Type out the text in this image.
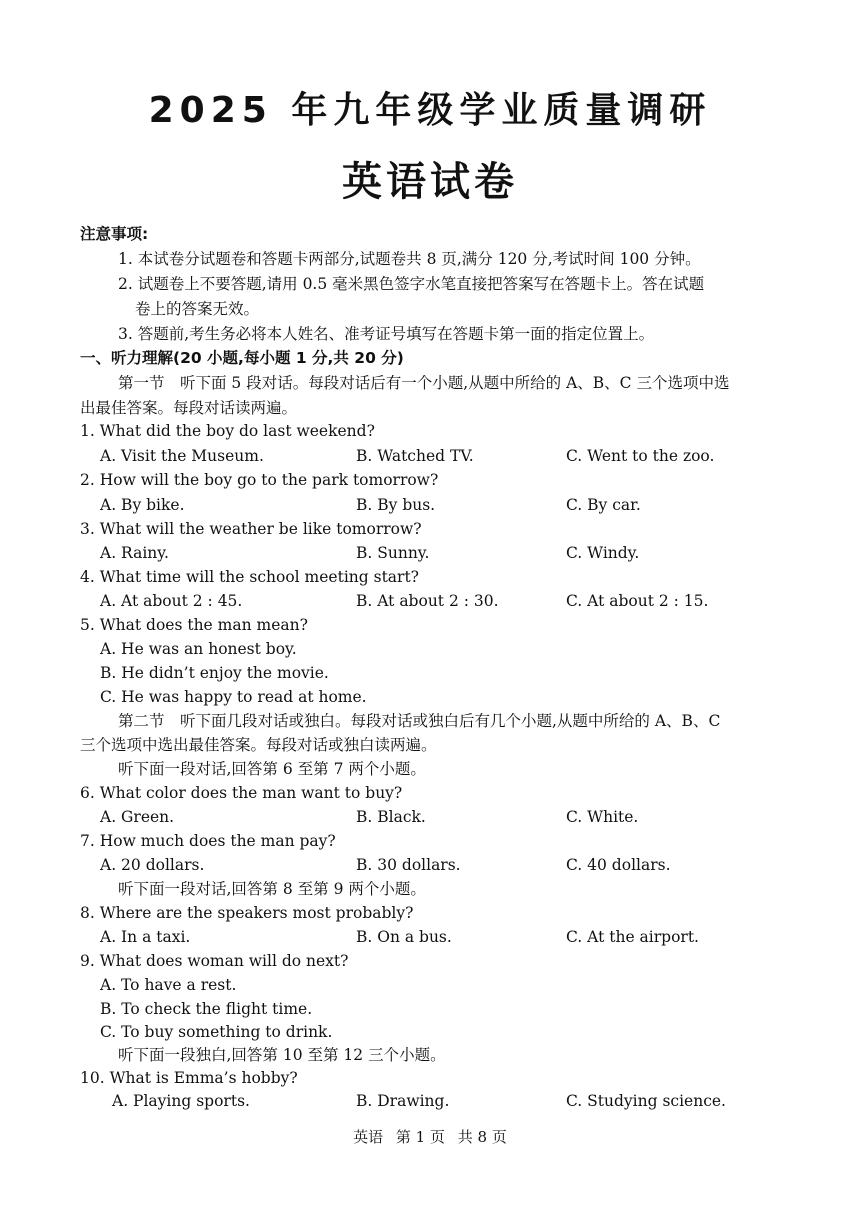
2025 年九年级学业质量调研
英语试卷
注意事项:
1. 本试卷分试题卷和答题卡两部分,试题卷共 8 页,满分 120 分,考试时间 100 分钟。
2. 试题卷上不要答题,请用 0.5 毫米黑色签字水笔直接把答案写在答题卡上。答在试题
卷上的答案无效。
3. 答题前,考生务必将本人姓名、准考证号填写在答题卡第一面的指定位置上。
一、听力理解(20 小题,每小题 1 分,共 20 分)
第一节　听下面 5 段对话。每段对话后有一个小题,从题中所给的 A、B、C 三个选项中选
出最佳答案。每段对话读两遍。
1. What did the boy do last weekend?
A. Visit the Museum.	B. Watched TV.	C. Went to the zoo.
2. How will the boy go to the park tomorrow?
A. By bike.	B. By bus.	C. By car.
3. What will the weather be like tomorrow?
A. Rainy.	B. Sunny.	C. Windy.
4. What time will the school meeting start?
A. At about 2 : 45.	B. At about 2 : 30.	C. At about 2 : 15.
5. What does the man mean?
A. He was an honest boy.
B. He didn’t enjoy the movie.
C. He was happy to read at home.
第二节　听下面几段对话或独白。每段对话或独白后有几个小题,从题中所给的 A、B、C
三个选项中选出最佳答案。每段对话或独白读两遍。
听下面一段对话,回答第 6 至第 7 两个小题。
6. What color does the man want to buy?
A. Green.	B. Black.	C. White.
7. How much does the man pay?
A. 20 dollars.	B. 30 dollars.	C. 40 dollars.
听下面一段对话,回答第 8 至第 9 两个小题。
8. Where are the speakers most probably?
A. In a taxi.	B. On a bus.	C. At the airport.
9. What does woman will do next?
A. To have a rest.
B. To check the flight time.
C. To buy something to drink.
听下面一段独白,回答第 10 至第 12 三个小题。
10. What is Emma’s hobby?
A. Playing sports.	B. Drawing.	C. Studying science.
英语 第 1 页 共 8 页
